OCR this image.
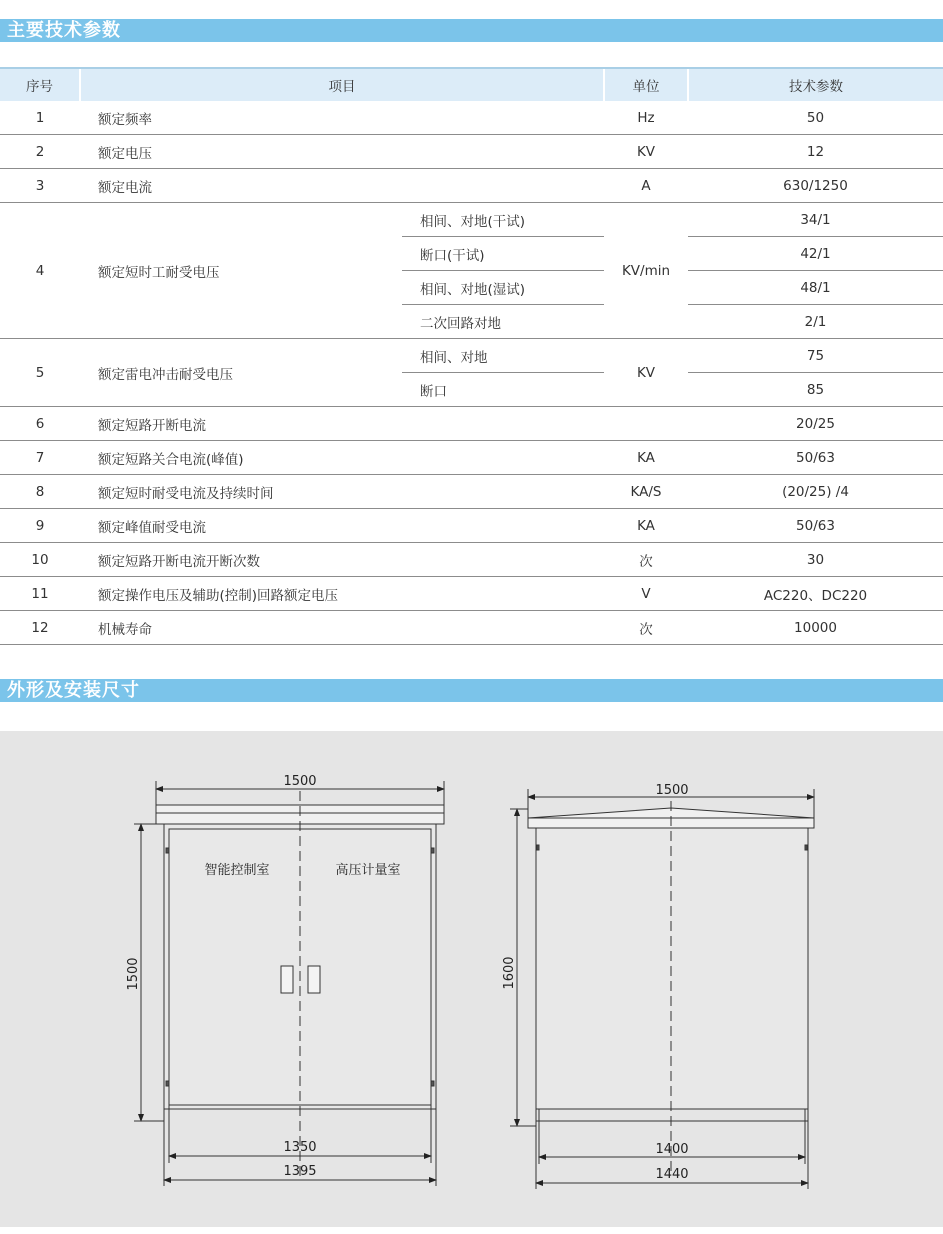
主要技术参数
序号	项目		单位	技术参数
1	额定频率		Hz	50
2	额定电压		KV	12
3	额定电流		A	630/1250
4	额定短时工耐受电压	相间、对地(干试)	KV/min	34/1
		断口(干试)		42/1
		相间、对地(湿试)		48/1
		二次回路对地		2/1
5	额定雷电冲击耐受电压	相间、对地	KV	75
		断口		85
6	额定短路开断电流			20/25
7	额定短路关合电流(峰值)		KA	50/63
8	额定短时耐受电流及持续时间		KA/S	(20/25) /4
9	额定峰值耐受电流		KA	50/63
10	额定短路开断电流开断次数		次	30
11	额定操作电压及辅助(控制)回路额定电压		V	AC220、DC220
12	机械寿命		次	10000
外形及安装尺寸
1500
智能控制室	高压计量室
1500
1350
1395
1500
1600
1400
1440
